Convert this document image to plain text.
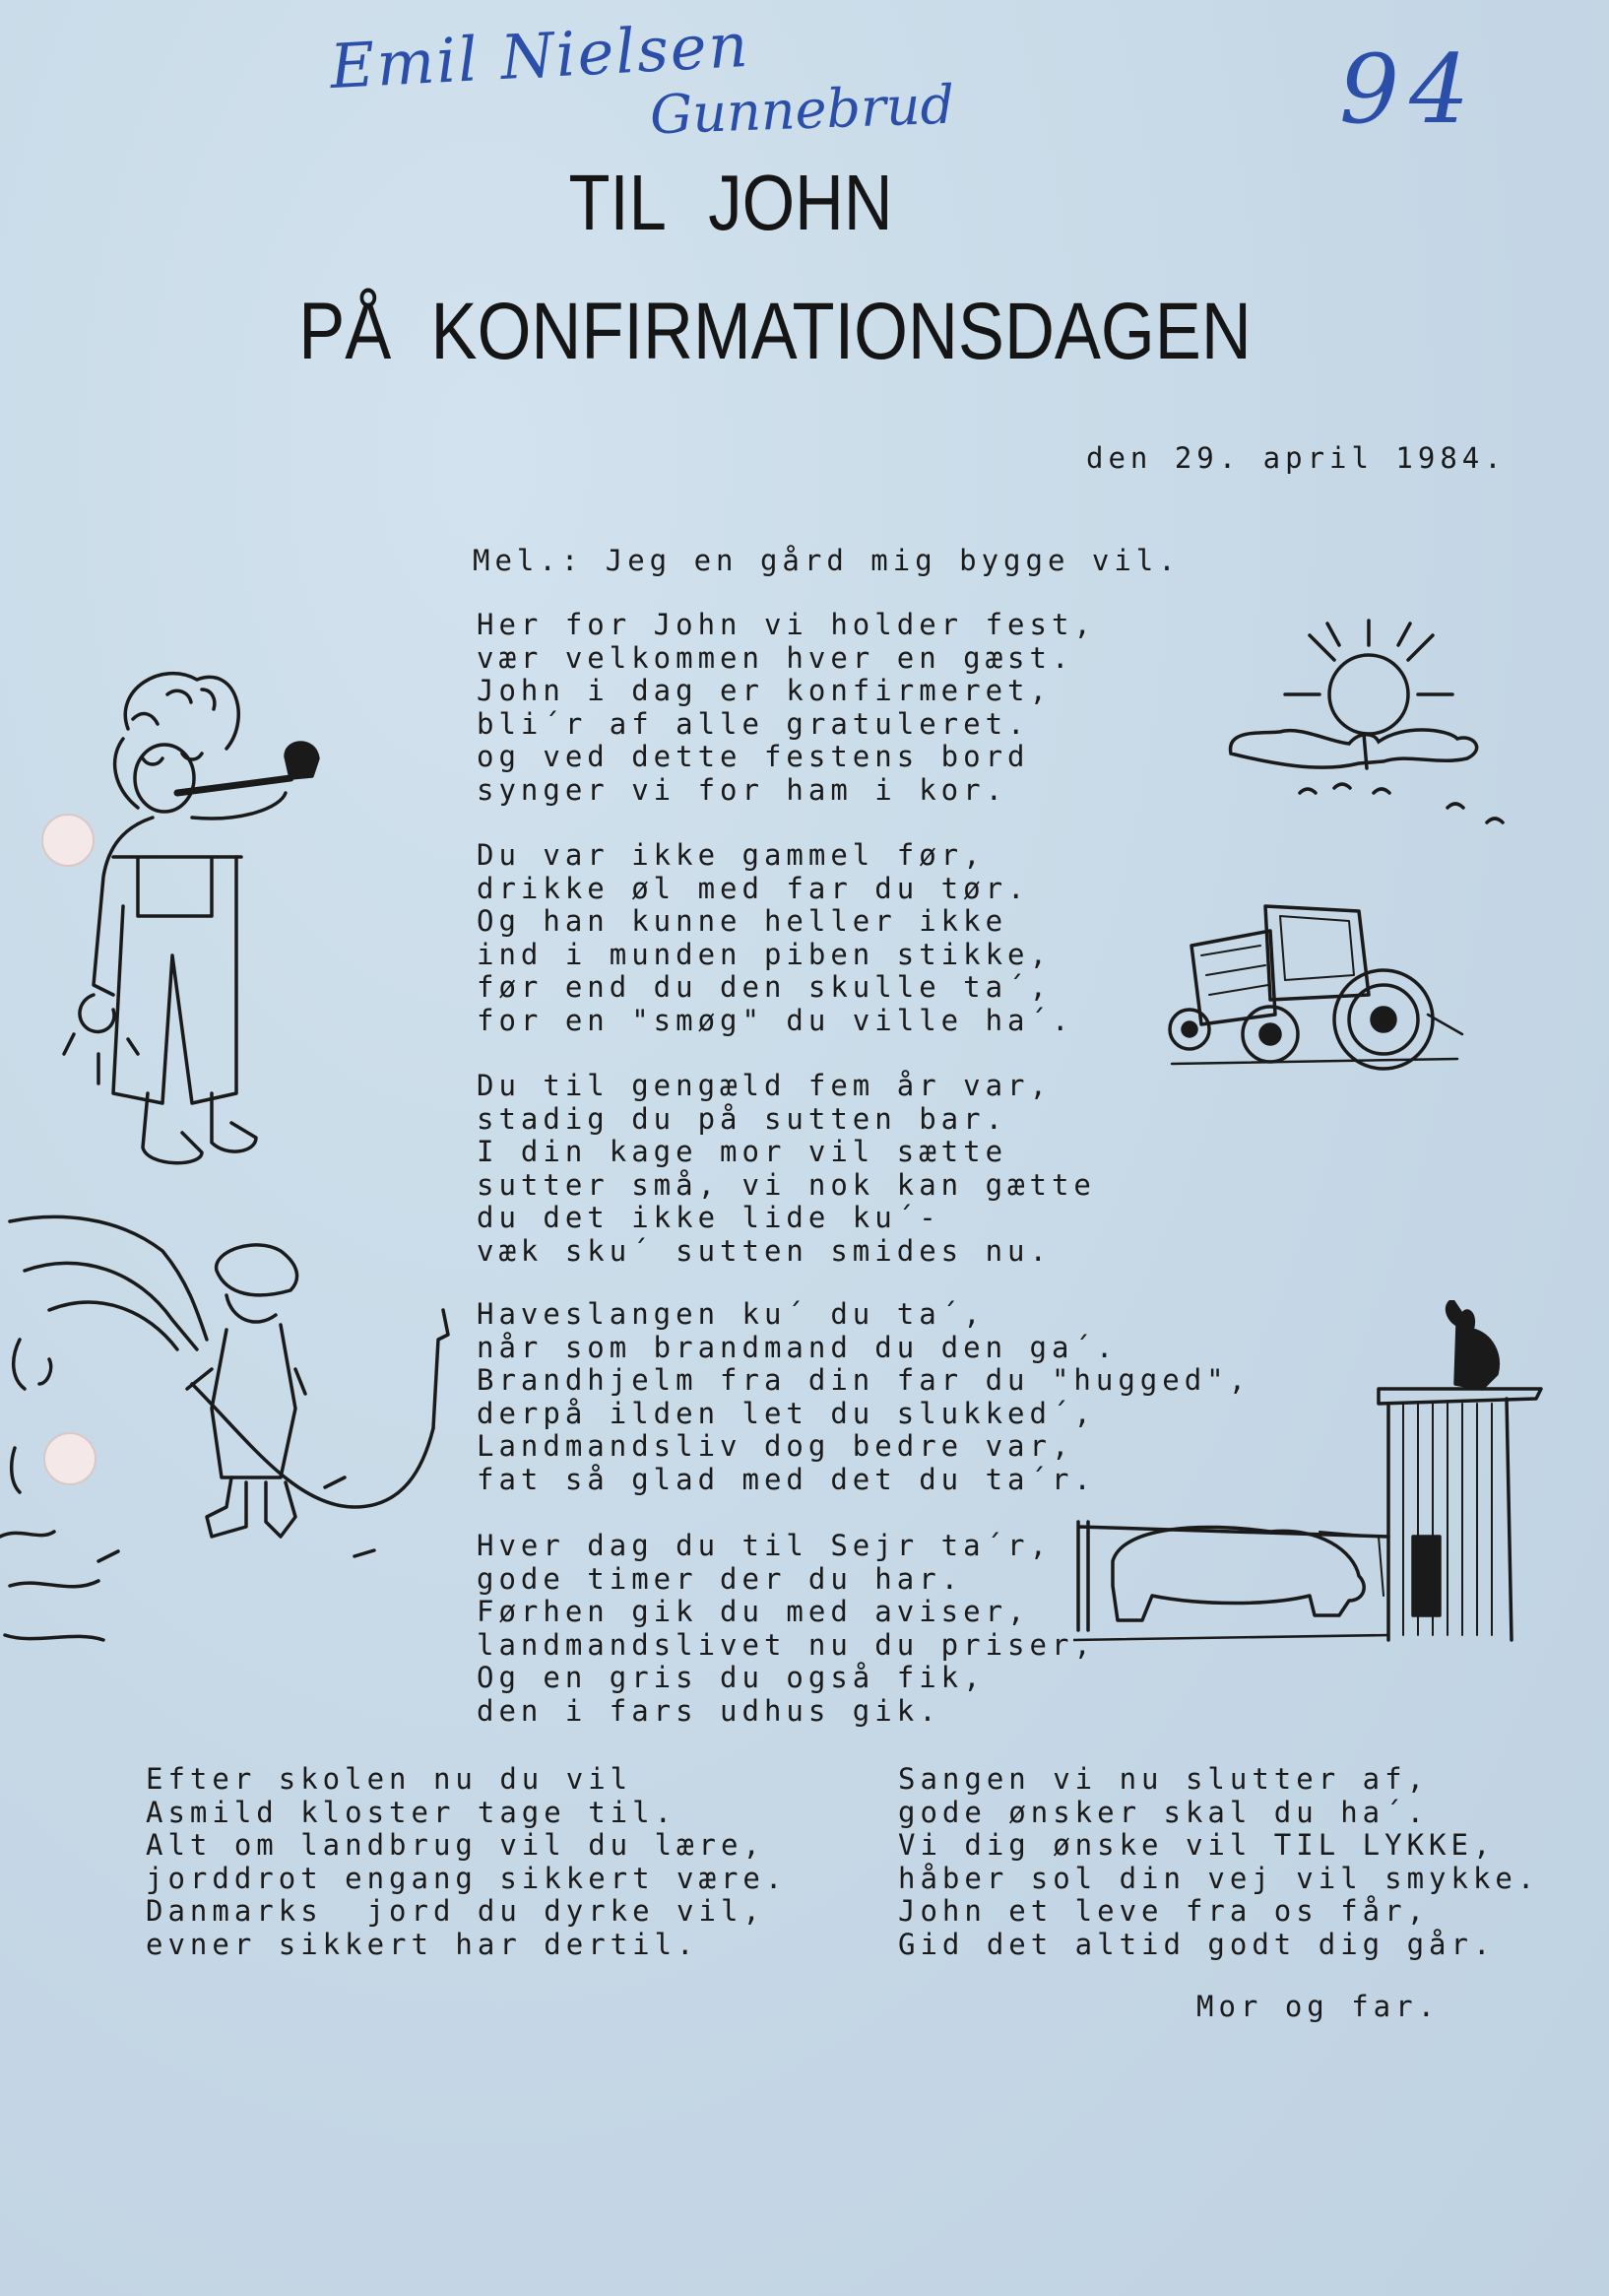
Emil Nielsen
Gunnebrud	94
TIL JOHN
PÅ KONFIRMATIONSDAGEN
den 29. april 1984.
Mel.: Jeg en gård mig bygge vil.
Her for John vi holder fest,
vær velkommen hver en gæst.
John i dag er konfirmeret,
bli´r af alle gratuleret.
og ved dette festens bord
synger vi for ham i kor.
Du var ikke gammel før,
drikke øl med far du tør.
Og han kunne heller ikke
ind i munden piben stikke,
før end du den skulle ta´,
for en "smøg" du ville ha´.
Du til gengæld fem år var,
stadig du på sutten bar.
I din kage mor vil sætte
sutter små, vi nok kan gætte
du det ikke lide ku´-
væk sku´ sutten smides nu.
Haveslangen ku´ du ta´,
når som brandmand du den ga´.
Brandhjelm fra din far du "hugged",
derpå ilden let du slukked´,
Landmandsliv dog bedre var,
fat så glad med det du ta´r.
Hver dag du til Sejr ta´r,
gode timer der du har.
Førhen gik du med aviser,
landmandslivet nu du priser,
Og en gris du også fik,
den i fars udhus gik.
Efter skolen nu du vil
Asmild kloster tage til.
Alt om landbrug vil du lære,
jorddrot engang sikkert være.
Danmarks  jord du dyrke vil,
evner sikkert har dertil.
Sangen vi nu slutter af,
gode ønsker skal du ha´.
Vi dig ønske vil TIL LYKKE,
håber sol din vej vil smykke.
John et leve fra os får,
Gid det altid godt dig går.
Mor og far.
